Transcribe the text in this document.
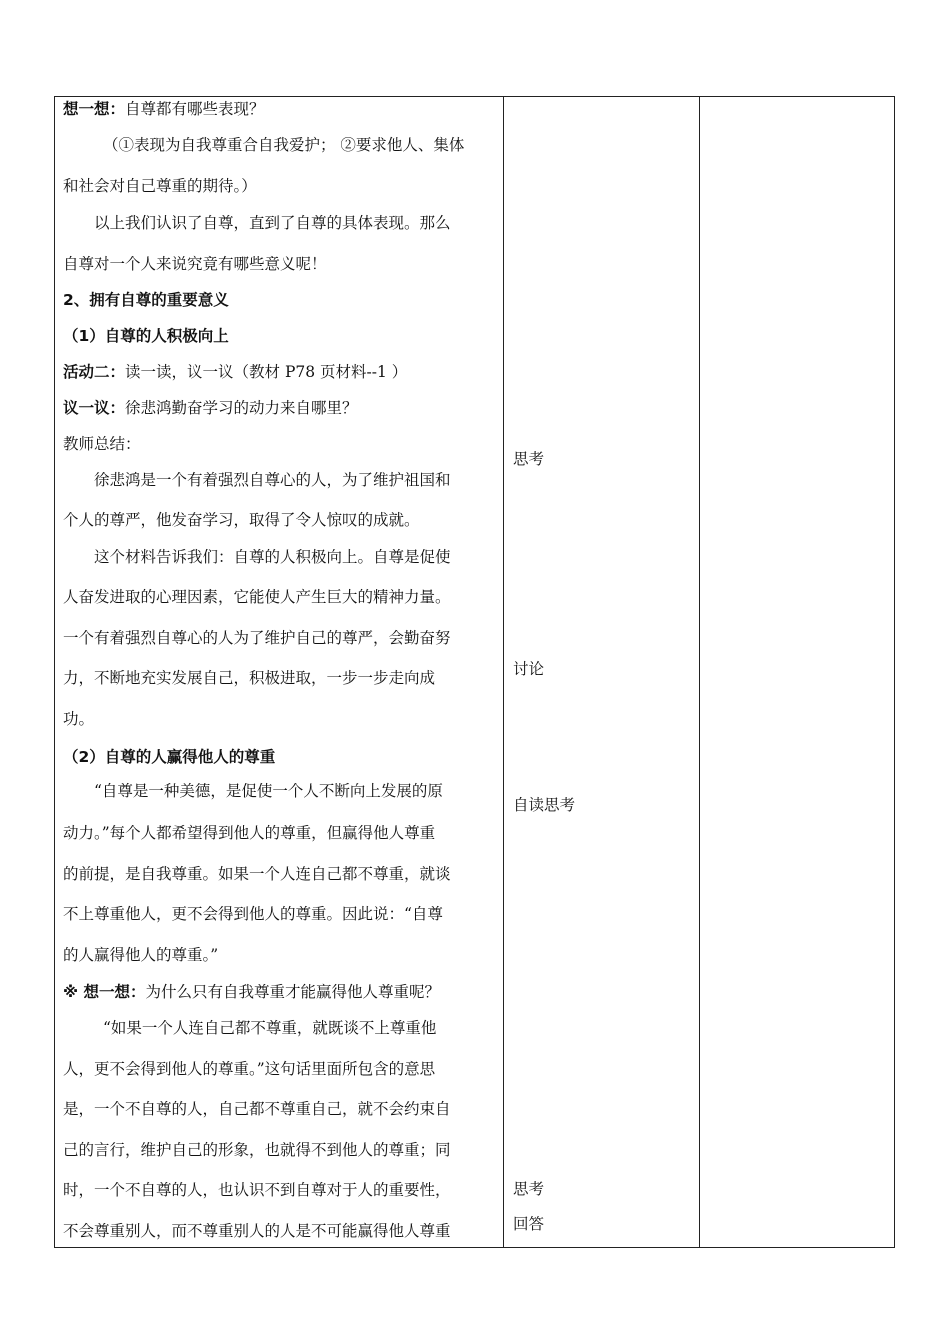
想一想：自尊都有哪些表现？
（①表现为自我尊重合自我爱护； ②要求他人、集体
和社会对自己尊重的期待。）
以上我们认识了自尊，直到了自尊的具体表现。那么
自尊对一个人来说究竟有哪些意义呢！
2、拥有自尊的重要意义
（1）自尊的人积极向上
活动二：读一读，议一议（教材 P78 页材料--1 ）
议一议：徐悲鸿勤奋学习的动力来自哪里？
教师总结：
徐悲鸿是一个有着强烈自尊心的人，为了维护祖国和
个人的尊严，他发奋学习，取得了令人惊叹的成就。
这个材料告诉我们：自尊的人积极向上。自尊是促使
人奋发进取的心理因素，它能使人产生巨大的精神力量。
一个有着强烈自尊心的人为了维护自己的尊严，会勤奋努
力，不断地充实发展自己，积极进取，一步一步走向成
功。
（2）自尊的人赢得他人的尊重
“自尊是一种美德，是促使一个人不断向上发展的原
动力。”每个人都希望得到他人的尊重，但赢得他人尊重
的前提，是自我尊重。如果一个人连自己都不尊重，就谈
不上尊重他人，更不会得到他人的尊重。因此说：“自尊
的人赢得他人的尊重。”
※ 想一想：为什么只有自我尊重才能赢得他人尊重呢？
“如果一个人连自己都不尊重，就既谈不上尊重他
人，更不会得到他人的尊重。”这句话里面所包含的意思
是，一个不自尊的人，自己都不尊重自己，就不会约束自
己的言行，维护自己的形象，也就得不到他人的尊重；同
时，一个不自尊的人，也认识不到自尊对于人的重要性，
不会尊重别人，而不尊重别人的人是不可能赢得他人尊重
思考
讨论
自读思考
思考
回答
